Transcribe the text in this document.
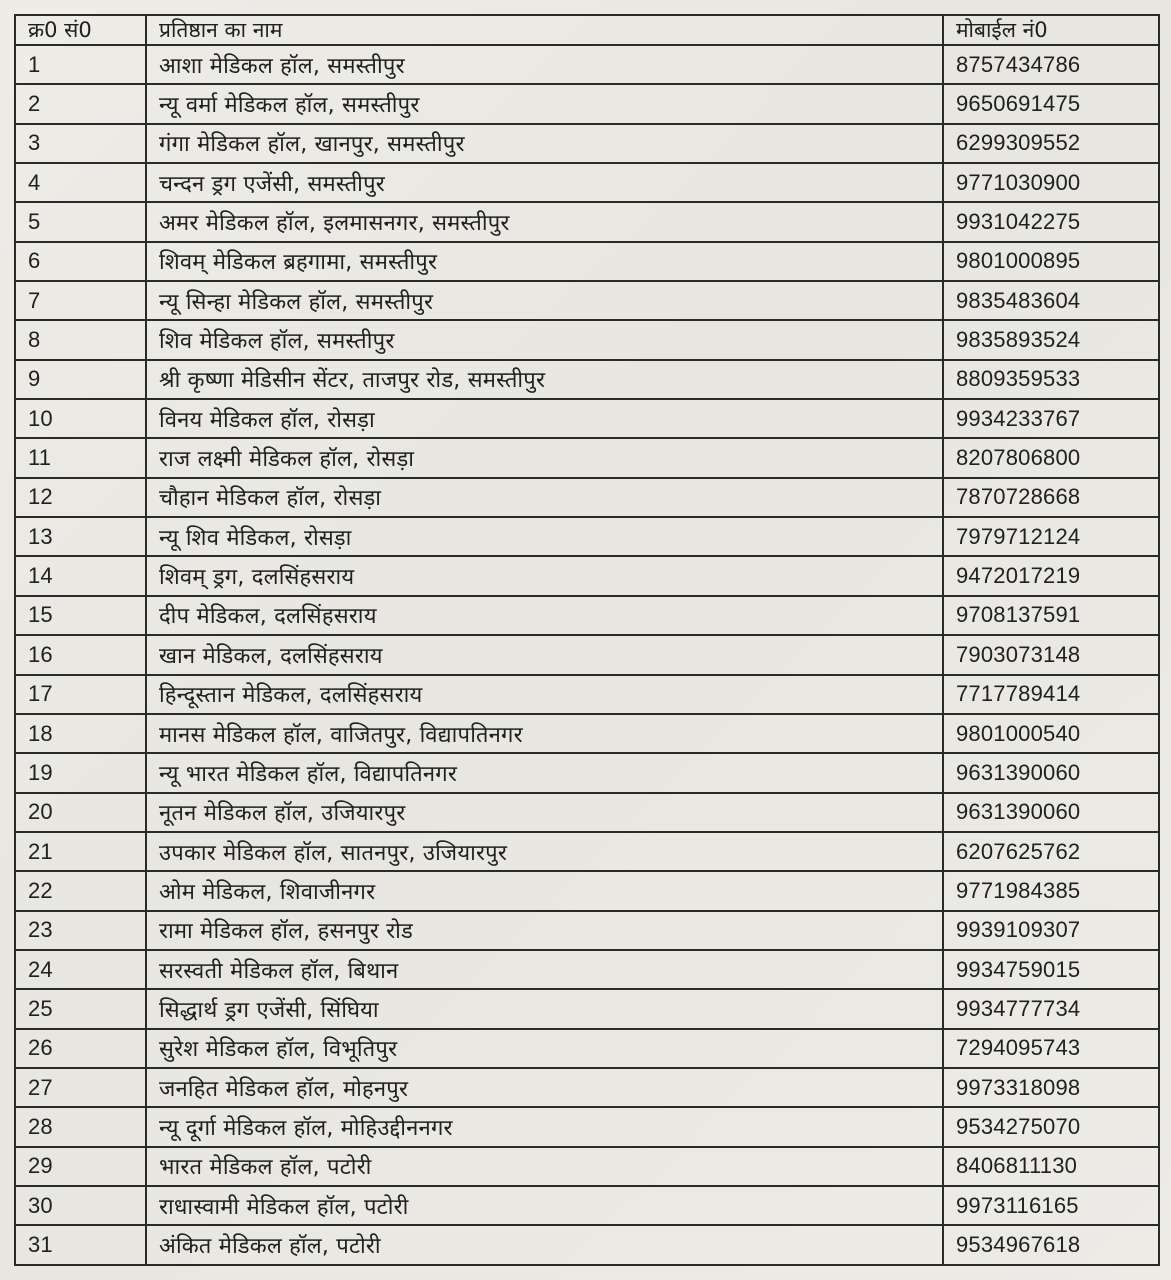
क्र0 सं0	प्रतिष्ठान का नाम	मोबाईल नं0
1	आशा मेडिकल हॉल, समस्तीपुर	8757434786
2	न्यू वर्मा मेडिकल हॉल, समस्तीपुर	9650691475
3	गंगा मेडिकल हॉल, खानपुर, समस्तीपुर	6299309552
4	चन्दन ड्रग एजेंसी, समस्तीपुर	9771030900
5	अमर मेडिकल हॉल, इलमासनगर, समस्तीपुर	9931042275
6	शिवम् मेडिकल ब्रहगामा, समस्तीपुर	9801000895
7	न्यू सिन्हा मेडिकल हॉल, समस्तीपुर	9835483604
8	शिव मेडिकल हॉल, समस्तीपुर	9835893524
9	श्री कृष्णा मेडिसीन सेंटर, ताजपुर रोड, समस्तीपुर	8809359533
10	विनय मेडिकल हॉल, रोसड़ा	9934233767
11	राज लक्ष्मी मेडिकल हॉल, रोसड़ा	8207806800
12	चौहान मेडिकल हॉल, रोसड़ा	7870728668
13	न्यू शिव मेडिकल, रोसड़ा	7979712124
14	शिवम् ड्रग, दलसिंहसराय	9472017219
15	दीप मेडिकल, दलसिंहसराय	9708137591
16	खान मेडिकल, दलसिंहसराय	7903073148
17	हिन्दूस्तान मेडिकल, दलसिंहसराय	7717789414
18	मानस मेडिकल हॉल, वाजितपुर, विद्यापतिनगर	9801000540
19	न्यू भारत मेडिकल हॉल, विद्यापतिनगर	9631390060
20	नूतन मेडिकल हॉल, उजियारपुर	9631390060
21	उपकार मेडिकल हॉल, सातनपुर, उजियारपुर	6207625762
22	ओम मेडिकल, शिवाजीनगर	9771984385
23	रामा मेडिकल हॉल, हसनपुर रोड	9939109307
24	सरस्वती मेडिकल हॉल, बिथान	9934759015
25	सिद्धार्थ ड्रग एजेंसी, सिंघिया	9934777734
26	सुरेश मेडिकल हॉल, विभूतिपुर	7294095743
27	जनहित मेडिकल हॉल, मोहनपुर	9973318098
28	न्यू दूर्गा मेडिकल हॉल, मोहिउद्दीननगर	9534275070
29	भारत मेडिकल हॉल, पटोरी	8406811130
30	राधास्वामी मेडिकल हॉल, पटोरी	9973116165
31	अंकित मेडिकल हॉल, पटोरी	9534967618
